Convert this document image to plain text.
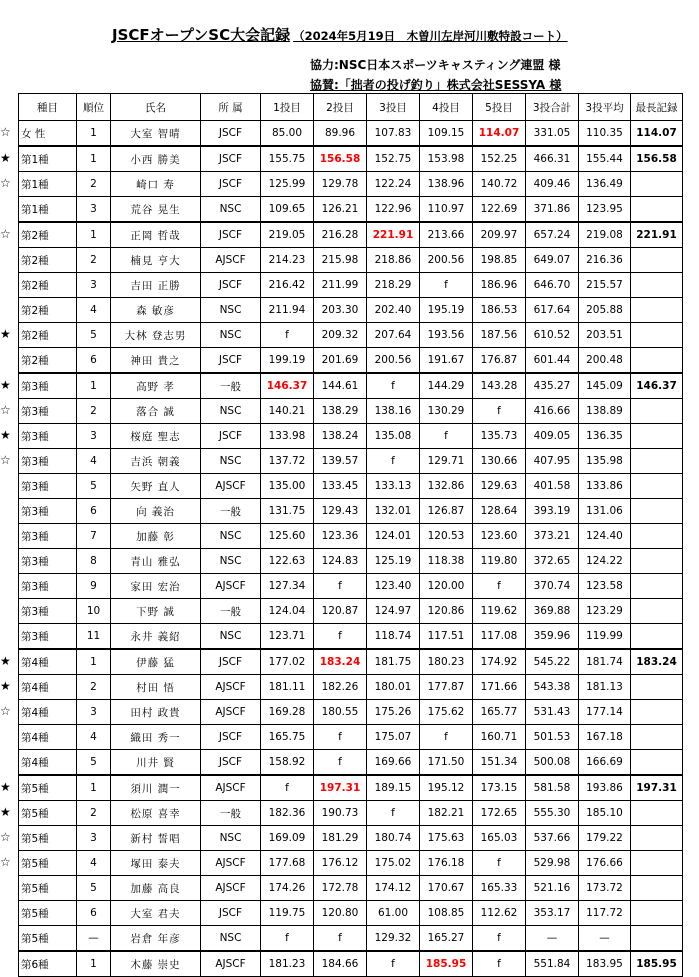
JSCFオープンSC大会記録 （2024年5月19日　木曽川左岸河川敷特設コート）
協力:NSC日本スポーツキャスティング連盟 様
協賛:「拙者の投げ釣り」株式会社SESSYA 様
種目	順位	氏名	所 属	1投目	2投目	3投目	4投目	5投目	3投合計	3投平均	最長記録

☆ 女 性	1	大室 智晴	JSCF	85.00	89.96	107.83	109.15	114.07	331.05	110.35	114.07

★ 第1種	1	小西 勝美	JSCF	155.75	156.58	152.75	153.98	152.25	466.31	155.44	156.58

☆ 第1種	2	崎口 寿	JSCF	125.99	129.78	122.24	138.96	140.72	409.46	136.49	

第1種	3	荒谷 晃生	NSC	109.65	126.21	122.96	110.97	122.69	371.86	123.95	

☆ 第2種	1	正岡 哲哉	JSCF	219.05	216.28	221.91	213.66	209.97	657.24	219.08	221.91

第2種	2	楠見 亨大	AJSCF	214.23	215.98	218.86	200.56	198.85	649.07	216.36	

第2種	3	吉田 正勝	JSCF	216.42	211.99	218.29	f	186.96	646.70	215.57	

第2種	4	森 敏彦	NSC	211.94	203.30	202.40	195.19	186.53	617.64	205.88	

★ 第2種	5	大林 登志男	NSC	f	209.32	207.64	193.56	187.56	610.52	203.51	

第2種	6	神田 貴之	JSCF	199.19	201.69	200.56	191.67	176.87	601.44	200.48	

★ 第3種	1	高野 孝	一般	146.37	144.61	f	144.29	143.28	435.27	145.09	146.37

☆ 第3種	2	落合 誠	NSC	140.21	138.29	138.16	130.29	f	416.66	138.89	

★ 第3種	3	桜庭 聖志	JSCF	133.98	138.24	135.08	f	135.73	409.05	136.35	

☆ 第3種	4	吉浜 朝義	NSC	137.72	139.57	f	129.71	130.66	407.95	135.98	

第3種	5	矢野 直人	AJSCF	135.00	133.45	133.13	132.86	129.63	401.58	133.86	

第3種	6	向 義治	一般	131.75	129.43	132.01	126.87	128.64	393.19	131.06	

第3種	7	加藤 彰	NSC	125.60	123.36	124.01	120.53	123.60	373.21	124.40	

第3種	8	青山 雅弘	NSC	122.63	124.83	125.19	118.38	119.80	372.65	124.22	

第3種	9	家田 宏治	AJSCF	127.34	f	123.40	120.00	f	370.74	123.58	

第3種	10	下野 誠	一般	124.04	120.87	124.97	120.86	119.62	369.88	123.29	

第3種	11	永井 義紹	NSC	123.71	f	118.74	117.51	117.08	359.96	119.99	

★ 第4種	1	伊藤 猛	JSCF	177.02	183.24	181.75	180.23	174.92	545.22	181.74	183.24

★ 第4種	2	村田 悟	AJSCF	181.11	182.26	180.01	177.87	171.66	543.38	181.13	

☆ 第4種	3	田村 政貴	AJSCF	169.28	180.55	175.26	175.62	165.77	531.43	177.14	

第4種	4	織田 秀一	JSCF	165.75	f	175.07	f	160.71	501.53	167.18	

第4種	5	川井 賢	JSCF	158.92	f	169.66	171.50	151.34	500.08	166.69	

★ 第5種	1	須川 潤一	AJSCF	f	197.31	189.15	195.12	173.15	581.58	193.86	197.31

★ 第5種	2	松原 喜幸	一般	182.36	190.73	f	182.21	172.65	555.30	185.10	

☆ 第5種	3	新村 誓唱	NSC	169.09	181.29	180.74	175.63	165.03	537.66	179.22	

☆ 第5種	4	塚田 泰夫	AJSCF	177.68	176.12	175.02	176.18	f	529.98	176.66	

第5種	5	加藤 高良	AJSCF	174.26	172.78	174.12	170.67	165.33	521.16	173.72	

第5種	6	大室 君夫	JSCF	119.75	120.80	61.00	108.85	112.62	353.17	117.72	

第5種	—	岩倉 年彦	NSC	f	f	129.32	165.27	f	—	—	

第6種	1	木藤 崇史	AJSCF	181.23	184.66	f	185.95	f	551.84	183.95	185.95
